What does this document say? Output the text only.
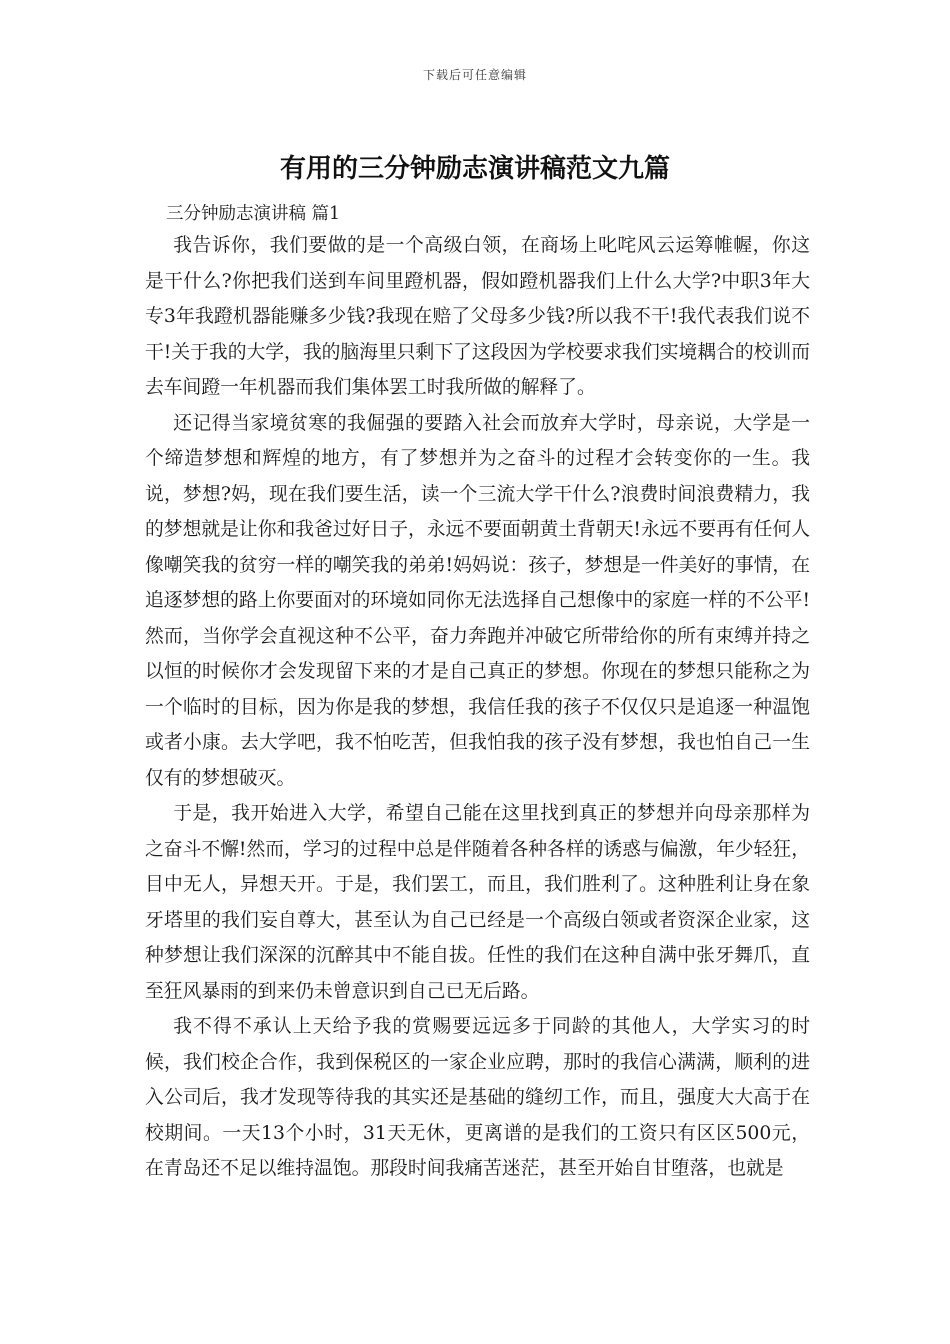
下载后可任意编辑
有用的三分钟励志演讲稿范文九篇
三分钟励志演讲稿 篇1

我告诉你，我们要做的是一个高级白领，在商场上叱咤风云运筹帷幄，你这是干什么?你把我们送到车间里蹬机器，假如蹬机器我们上什么大学?中职3年大专3年我蹬机器能赚多少钱?我现在赔了父母多少钱?所以我不干!我代表我们说不干!关于我的大学，我的脑海里只剩下了这段因为学校要求我们实境耦合的校训而去车间蹬一年机器而我们集体罢工时我所做的解释了。

还记得当家境贫寒的我倔强的要踏入社会而放弃大学时，母亲说，大学是一个缔造梦想和辉煌的地方，有了梦想并为之奋斗的过程才会转变你的一生。我说，梦想?妈，现在我们要生活，读一个三流大学干什么?浪费时间浪费精力，我的梦想就是让你和我爸过好日子，永远不要面朝黄土背朝天!永远不要再有任何人像嘲笑我的贫穷一样的嘲笑我的弟弟!妈妈说：孩子，梦想是一件美好的事情，在追逐梦想的路上你要面对的环境如同你无法选择自己想像中的家庭一样的不公平!然而，当你学会直视这种不公平，奋力奔跑并冲破它所带给你的所有束缚并持之以恒的时候你才会发现留下来的才是自己真正的梦想。你现在的梦想只能称之为一个临时的目标，因为你是我的梦想，我信任我的孩子不仅仅只是追逐一种温饱或者小康。去大学吧，我不怕吃苦，但我怕我的孩子没有梦想，我也怕自己一生仅有的梦想破灭。

于是，我开始进入大学，希望自己能在这里找到真正的梦想并向母亲那样为之奋斗不懈!然而，学习的过程中总是伴随着各种各样的诱惑与偏激，年少轻狂，目中无人，异想天开。于是，我们罢工，而且，我们胜利了。这种胜利让身在象牙塔里的我们妄自尊大，甚至认为自己已经是一个高级白领或者资深企业家，这种梦想让我们深深的沉醉其中不能自拔。任性的我们在这种自满中张牙舞爪，直至狂风暴雨的到来仍未曾意识到自己已无后路。

我不得不承认上天给予我的赏赐要远远多于同龄的其他人，大学实习的时候，我们校企合作，我到保税区的一家企业应聘，那时的我信心满满，顺利的进入公司后，我才发现等待我的其实还是基础的缝纫工作，而且，强度大大高于在校期间。一天13个小时，31天无休，更离谱的是我们的工资只有区区500元，在青岛还不足以维持温饱。那段时间我痛苦迷茫，甚至开始自甘堕落，也就是
